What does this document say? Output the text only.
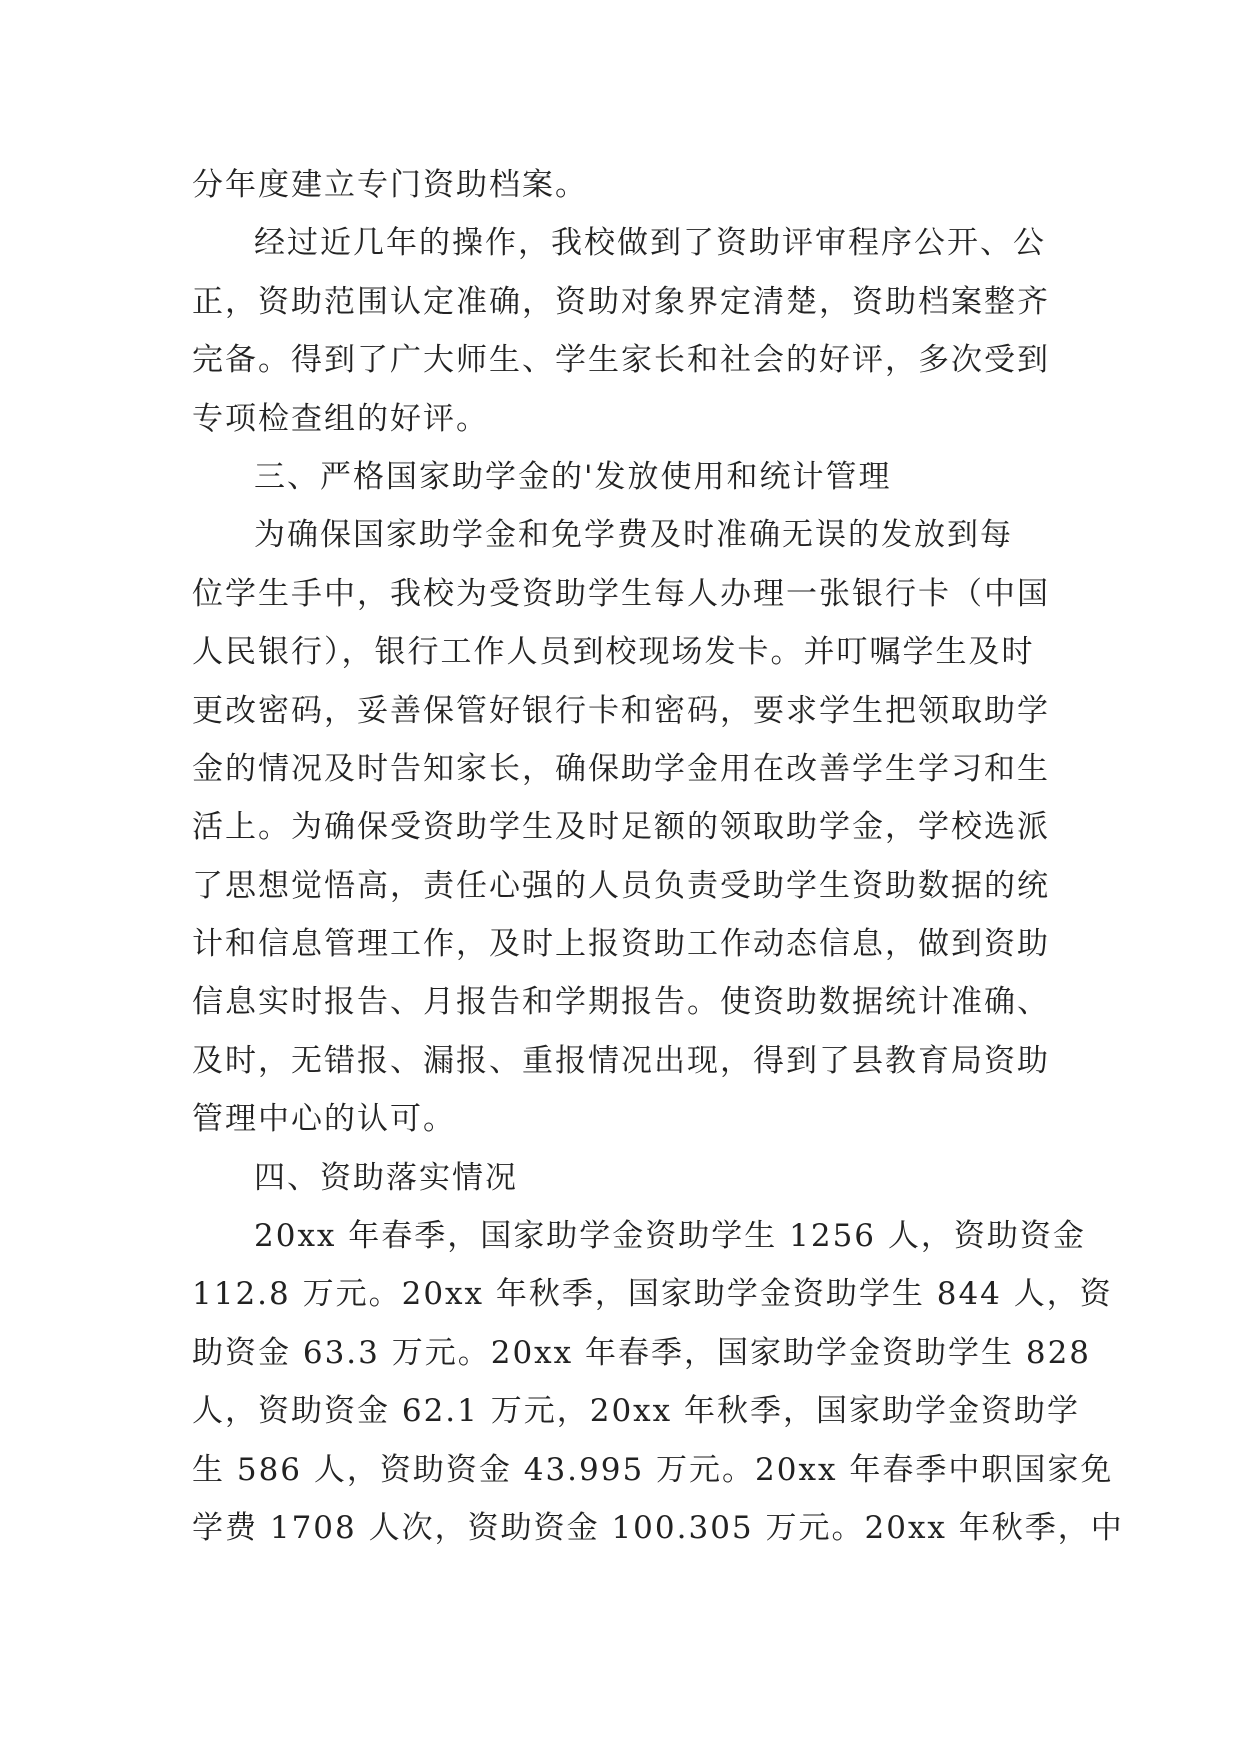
分年度建立专门资助档案。
经过近几年的操作，我校做到了资助评审程序公开、公
正，资助范围认定准确，资助对象界定清楚，资助档案整齐
完备。得到了广大师生、学生家长和社会的好评，多次受到
专项检查组的好评。
三、严格国家助学金的'发放使用和统计管理
为确保国家助学金和免学费及时准确无误的发放到每
位学生手中，我校为受资助学生每人办理一张银行卡（中国
人民银行），银行工作人员到校现场发卡。并叮嘱学生及时
更改密码，妥善保管好银行卡和密码，要求学生把领取助学
金的情况及时告知家长，确保助学金用在改善学生学习和生
活上。为确保受资助学生及时足额的领取助学金，学校选派
了思想觉悟高，责任心强的人员负责受助学生资助数据的统
计和信息管理工作，及时上报资助工作动态信息，做到资助
信息实时报告、月报告和学期报告。使资助数据统计准确、
及时，无错报、漏报、重报情况出现，得到了县教育局资助
管理中心的认可。
四、资助落实情况
20xx 年春季，国家助学金资助学生 1256 人，资助资金
112.8 万元。20xx 年秋季，国家助学金资助学生 844 人，资
助资金 63.3 万元。20xx 年春季，国家助学金资助学生 828
人，资助资金 62.1 万元，20xx 年秋季，国家助学金资助学
生 586 人，资助资金 43.995 万元。20xx 年春季中职国家免
学费 1708 人次，资助资金 100.305 万元。20xx 年秋季，中
